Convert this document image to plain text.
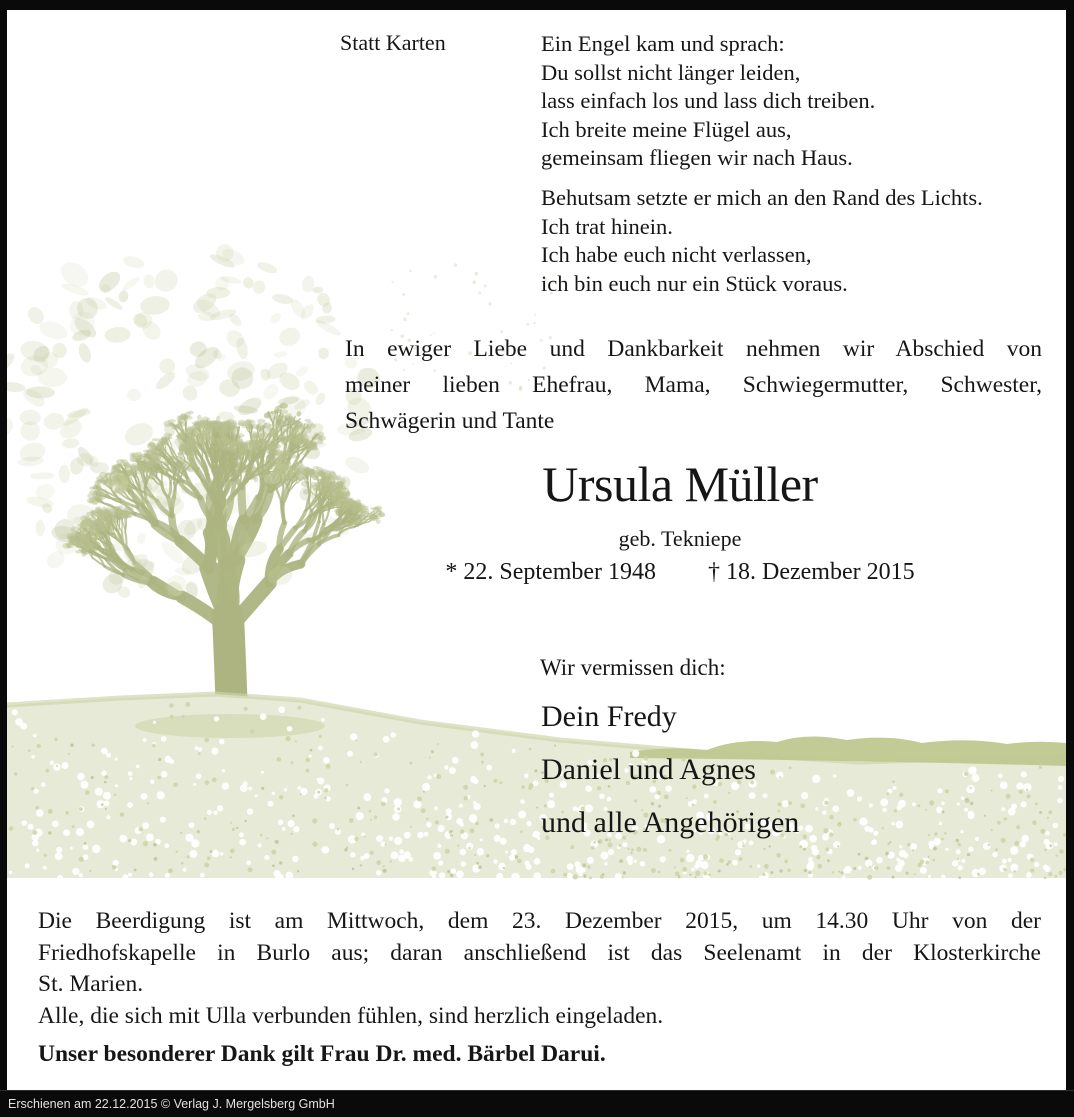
Statt Karten	Ein Engel kam und sprach:
Du sollst nicht länger leiden,
lass einfach los und lass dich treiben.
Ich breite meine Flügel aus,
gemeinsam fliegen wir nach Haus.
Behutsam setzte er mich an den Rand des Lichts.
Ich trat hinein.
Ich habe euch nicht verlassen,
ich bin euch nur ein Stück voraus.
In ewiger Liebe und Dankbarkeit nehmen wir Abschied von
meiner lieben Ehefrau, Mama, Schwiegermutter, Schwester,
Schwägerin und Tante
Ursula Müller
geb. Tekniepe
* 22. September 1948 † 18. Dezember 2015
Wir vermissen dich:
Dein Fredy
Daniel und Agnes
und alle Angehörigen
Die Beerdigung ist am Mittwoch, dem 23. Dezember 2015, um 14.30 Uhr von der
Friedhofskapelle in Burlo aus; daran anschließend ist das Seelenamt in der Klosterkirche
St. Marien.
Alle, die sich mit Ulla verbunden fühlen, sind herzlich eingeladen.
Unser besonderer Dank gilt Frau Dr. med. Bärbel Darui.
Erschienen am 22.12.2015 © Verlag J. Mergelsberg GmbH
